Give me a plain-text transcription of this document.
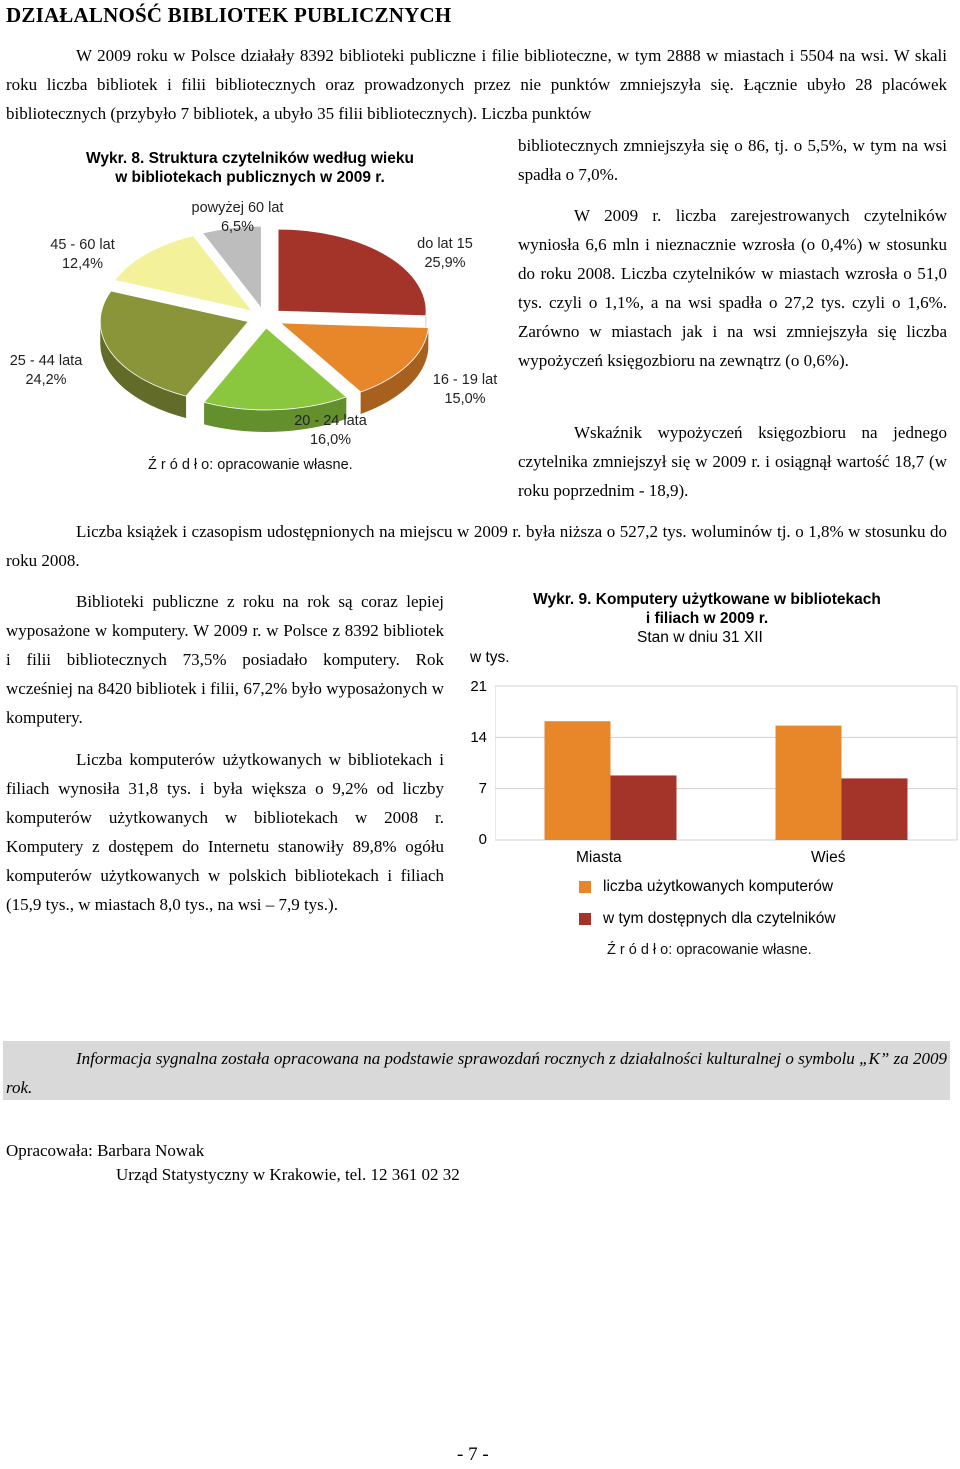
DZIAŁALNOŚĆ BIBLIOTEK PUBLICZNYCH

W 2009 roku w Polsce działały 8392 biblioteki publiczne i filie biblioteczne, w tym 2888 w miastach i 5504 na wsi. W skali roku liczba bibliotek i filii bibliotecznych oraz prowadzonych przez nie punktów zmniejszyła się. Łącznie ubyło 28 placówek bibliotecznych (przybyło 7 bibliotek, a ubyło 35 filii bibliotecznych). Liczba punktów

bibliotecznych zmniejszyła się o 86, tj. o 5,5%, w tym na wsi spadła o 7,0%.

W 2009 r. liczba zarejestrowanych czytelników wyniosła 6,6 mln i nieznacznie wzrosła (o 0,4%) w stosunku do roku 2008. Liczba czytelników w miastach wzrosła o 51,0 tys. czyli o 1,1%, a na wsi spadła o 27,2 tys. czyli o 1,6%. Zarówno w miastach jak i na wsi zmniejszyła się liczba wypożyczeń księgozbioru na zewnątrz (o 0,6%).

Wskaźnik wypożyczeń księgozbioru na jednego czytelnika zmniejszył się w 2009 r. i osiągnął wartość 18,7 (w roku poprzednim - 18,9).

Wykr. 8. Struktura czytelników według wieku
w bibliotekach publicznych w 2009 r.
powyżej 60 lat
6,5%
45 - 60 lat
12,4%
25 - 44 lata
24,2%
20 - 24 lata
16,0%
do lat 15
25,9%
16 - 19 lat
15,0%
Ź r ó d ł o: opracowanie własne.

Liczba książek i czasopism udostępnionych na miejscu w 2009 r. była niższa o 527,2 tys. woluminów tj. o 1,8% w stosunku do roku 2008.

Biblioteki publiczne z roku na rok są coraz lepiej wyposażone w komputery. W 2009 r. w Polsce z 8392 bibliotek i filii bibliotecznych 73,5% posiadało komputery. Rok wcześniej na 8420 bibliotek i filii, 67,2% było wyposażonych w komputery.

Liczba komputerów użytkowanych w bibliotekach i filiach wynosiła 31,8 tys. i była większa o 9,2% od liczby komputerów użytkowanych w bibliotekach w 2008 r. Komputery z dostępem do Internetu stanowiły 89,8% ogółu komputerów użytkowanych w polskich bibliotekach i filiach (15,9 tys., w miastach 8,0 tys., na wsi – 7,9 tys.).

Wykr. 9. Komputery użytkowane w bibliotekach
i filiach w 2009 r.
Stan w dniu 31 XII
w tys.
21
14
7
0
Miasta	Wieś
liczba użytkowanych komputerów
w tym dostępnych dla czytelników
Ź r ó d ł o: opracowanie własne.

Informacja sygnalna została opracowana na podstawie sprawozdań rocznych z działalności kulturalnej o symbolu „K” za 2009 rok.

Opracowała: Barbara Nowak
Urząd Statystyczny w Krakowie, tel. 12 361 02 32
- 7 -
